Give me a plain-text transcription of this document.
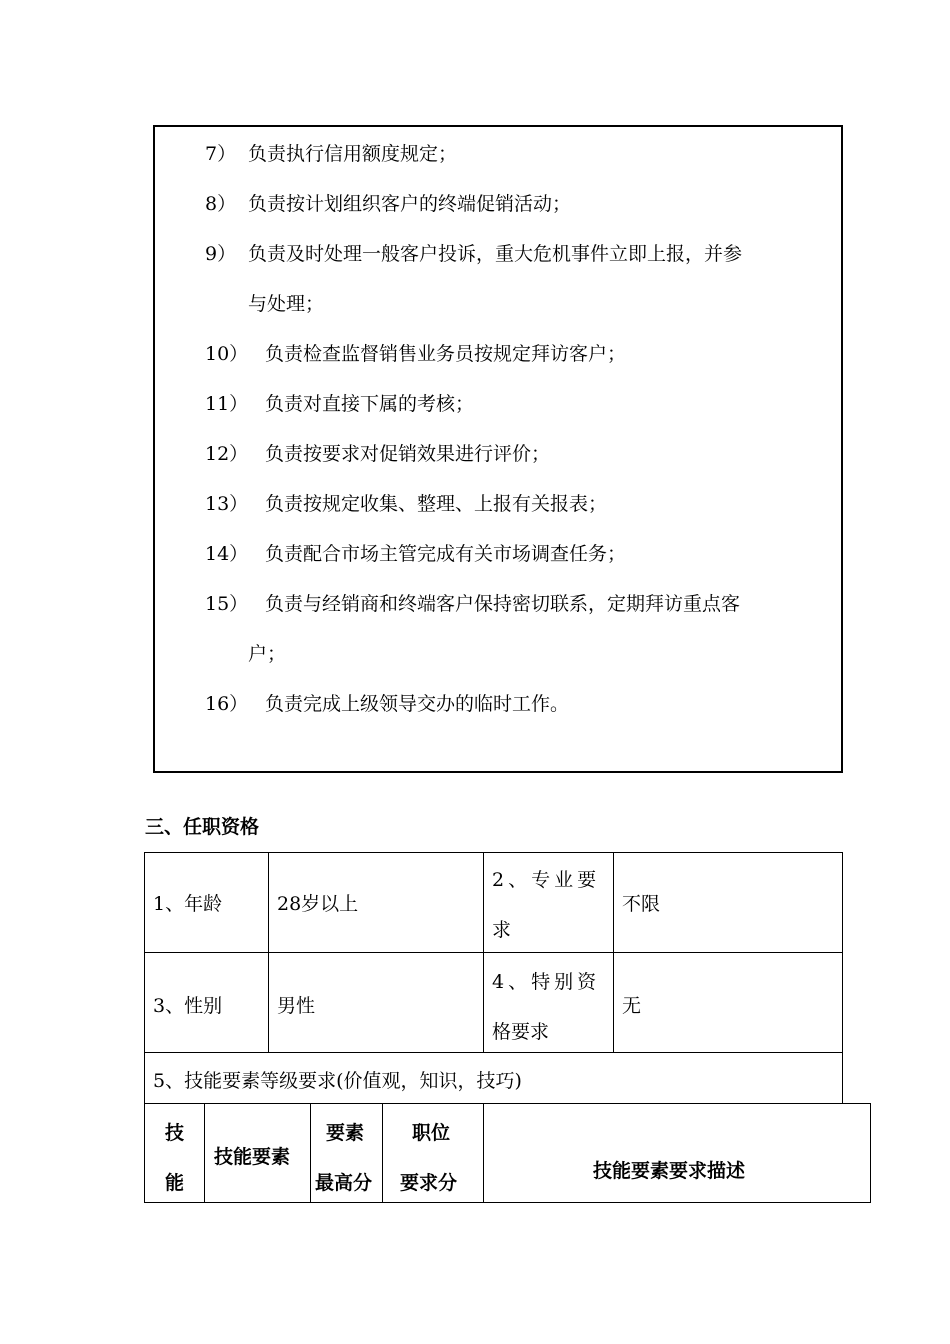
7） 负责执行信用额度规定；
8） 负责按计划组织客户的终端促销活动；
9） 负责及时处理一般客户投诉，重大危机事件立即上报，并参
与处理；
10） 负责检查监督销售业务员按规定拜访客户；
11） 负责对直接下属的考核；
12） 负责按要求对促销效果进行评价；
13） 负责按规定收集、整理、上报有关报表；
14） 负责配合市场主管完成有关市场调查任务；
15） 负责与经销商和终端客户保持密切联系，定期拜访重点客
户；
16） 负责完成上级领导交办的临时工作。
三、任职资格
1、年龄	28岁以上
2、专业要
求
不限
3、性别	男性
4、特别资
格要求
无
5、技能要素等级要求(价值观，知识，技巧)
技
能
技能要素
要素
最高分
职位
要求分
技能要素要求描述
